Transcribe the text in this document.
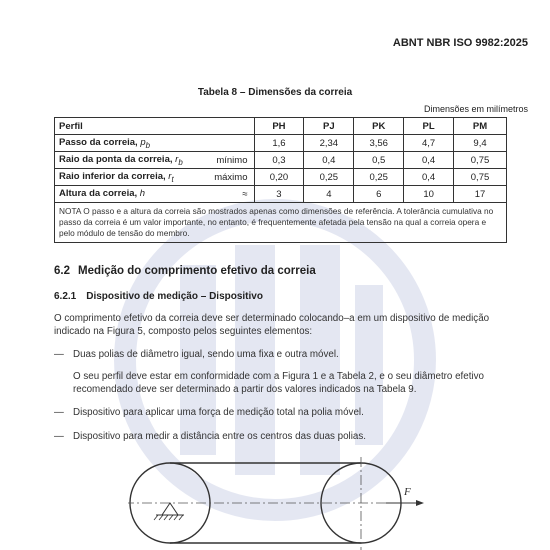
ABNT NBR ISO 9982:2025
Tabela 8 – Dimensões da correia
Dimensões em milímetros
Perfil		PH	PJ	PK	PL	PM
Passo da correia, $p_b$		1,6	2,34	3,56	4,7	9,4
Raio da ponta da correia, $r_b$	mínimo	0,3	0,4	0,5	0,4	0,75
Raio inferior da correia, $r_t$	máximo	0,20	0,25	0,25	0,4	0,75
Altura da correia, h	≈	3	4	6	10	17
NOTA O passo e a altura da correia são mostrados apenas como dimensões de referência. A tolerância cumulativa no passo da correia é um valor importante, no entanto, é frequentemente afetada pela tensão na qual a correia opera e pelo módulo de tensão do membro.						
6.2 Medição do comprimento efetivo da correia
6.2.1 Dispositivo de medição – Dispositivo
O comprimento efetivo da correia deve ser determinado colocando–a em um dispositivo de medição indicado na Figura 5, composto pelos seguintes elementos:
— Duas polias de diâmetro igual, sendo uma fixa e outra móvel.
O seu perfil deve estar em conformidade com a Figura 1 e a Tabela 2, e o seu diâmetro efetivo recomendado deve ser determinado a partir dos valores indicados na Tabela 9.
— Dispositivo para aplicar uma força de medição total na polia móvel.
— Dispositivo para medir a distância entre os centros das duas polias.
F
